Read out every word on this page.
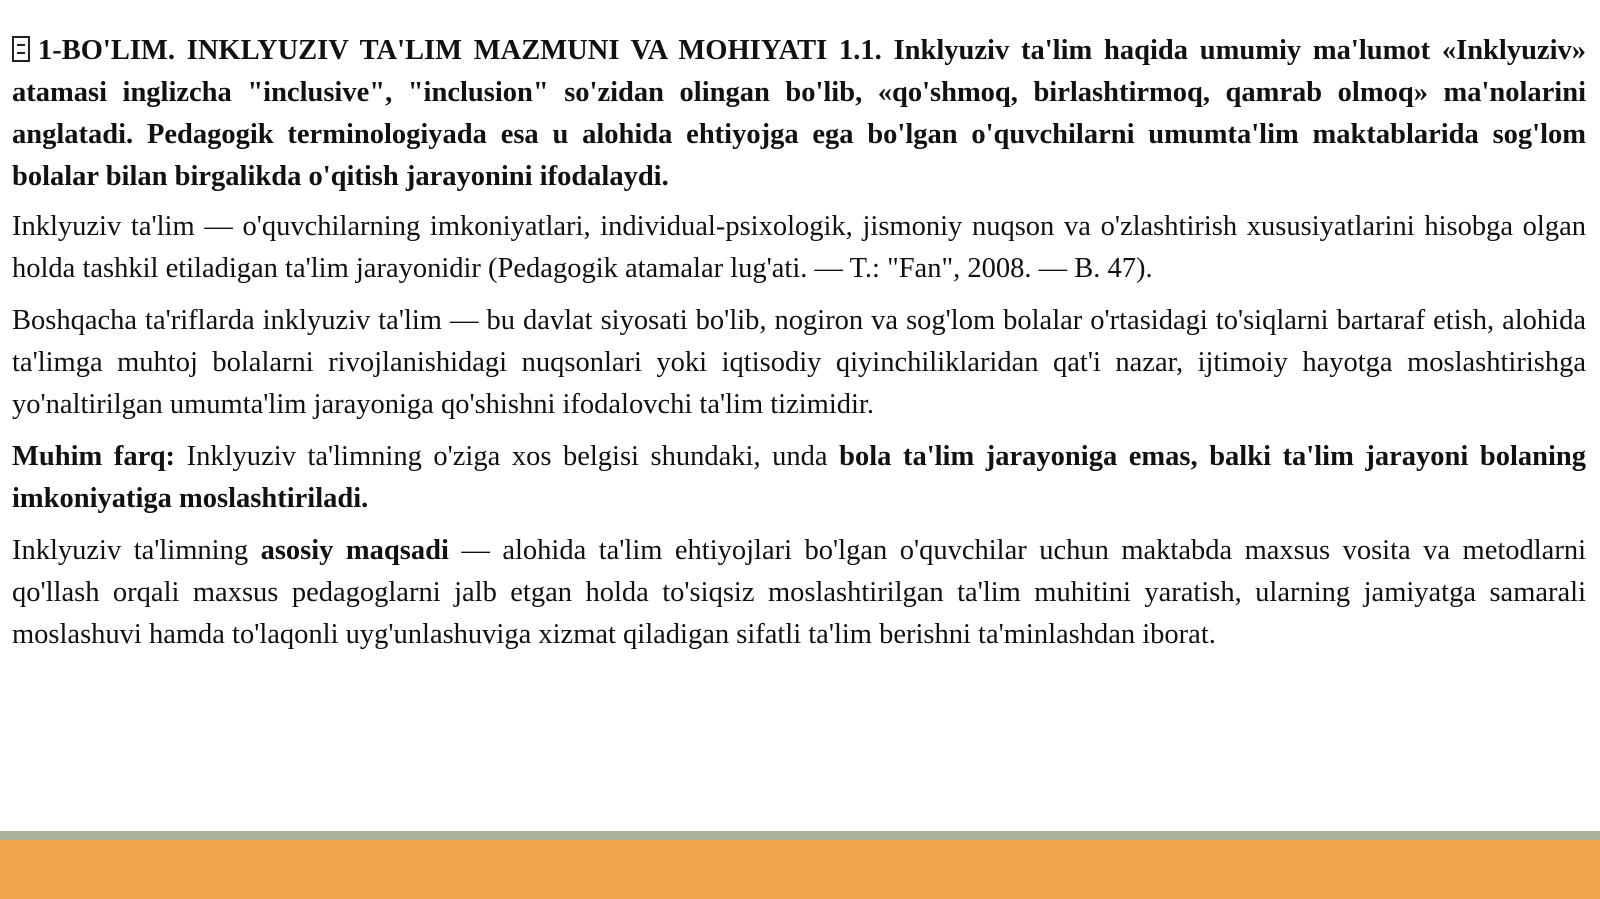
1-BO'LIM. INKLYUZIV TA'LIM MAZMUNI VA MOHIYATI 1.1. Inklyuziv ta'lim haqida umumiy ma'lumot «Inklyuziv» atamasi inglizcha "inclusive", "inclusion" so'zidan olingan bo'lib, «qo'shmoq, birlashtirmoq, qamrab olmoq» ma'nolarini anglatadi. Pedagogik terminologiyada esa u alohida ehtiyojga ega bo'lgan o'quvchilarni umumta'lim maktablarida sog'lom bolalar bilan birgalikda o'qitish jarayonini ifodalaydi.

Inklyuziv ta'lim — o'quvchilarning imkoniyatlari, individual-psixologik, jismoniy nuqson va o'zlashtirish xususiyatlarini hisobga olgan holda tashkil etiladigan ta'lim jarayonidir (Pedagogik atamalar lug'ati. — T.: "Fan", 2008. — B. 47).

Boshqacha ta'riflarda inklyuziv ta'lim — bu davlat siyosati bo'lib, nogiron va sog'lom bolalar o'rtasidagi to'siqlarni bartaraf etish, alohida ta'limga muhtoj bolalarni rivojlanishidagi nuqsonlari yoki iqtisodiy qiyinchiliklaridan qat'i nazar, ijtimoiy hayotga moslashtirishga yo'naltirilgan umumta'lim jarayoniga qo'shishni ifodalovchi ta'lim tizimidir.

Muhim farq: Inklyuziv ta'limning o'ziga xos belgisi shundaki, unda bola ta'lim jarayoniga emas, balki ta'lim jarayoni bolaning imkoniyatiga moslashtiriladi.

Inklyuziv ta'limning asosiy maqsadi — alohida ta'lim ehtiyojlari bo'lgan o'quvchilar uchun maktabda maxsus vosita va metodlarni qo'llash orqali maxsus pedagoglarni jalb etgan holda to'siqsiz moslashtirilgan ta'lim muhitini yaratish, ularning jamiyatga samarali moslashuvi hamda to'laqonli uyg'unlashuviga xizmat qiladigan sifatli ta'lim berishni ta'minlashdan iborat.
